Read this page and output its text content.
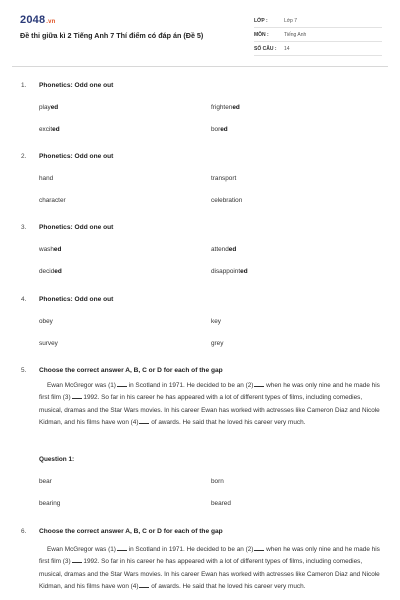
2048.vn
Đề thi giữa kì 2 Tiếng Anh 7 Thí điểm có đáp án (Đề 5)
LỚP :	Lớp 7
MÔN :	Tiếng Anh
SỐ CÂU : 14
1. Phonetics: Odd one out
played	frightened
excited	bored
2. Phonetics: Odd one out
hand	transport
character	celebration
3. Phonetics: Odd one out
washed	attended
decided	disappointed
4. Phonetics: Odd one out
obey	key
survey	grey
5. Choose the correct answer A, B, C or D for each of the gap
Ewan McGregor was (1) in Scotland in 1971. He decided to be an (2) when he was only nine and he made his first film (3) 1992. So far in his career he has appeared with a lot of different types of films, including comedies, musical, dramas and the Star Wars movies. In his career Ewan has worked with actresses like Cameron Diaz and Nicole Kidman, and his films have won (4) of awards. He said that he loved his career very much.
Question 1:
bear	born
bearing	beared
6. Choose the correct answer A, B, C or D for each of the gap
Ewan McGregor was (1) in Scotland in 1971. He decided to be an (2) when he was only nine and he made his first film (3) 1992. So far in his career he has appeared with a lot of different types of films, including comedies, musical, dramas and the Star Wars movies. In his career Ewan has worked with actresses like Cameron Diaz and Nicole Kidman, and his films have won (4) of awards. He said that he loved his career very much.
